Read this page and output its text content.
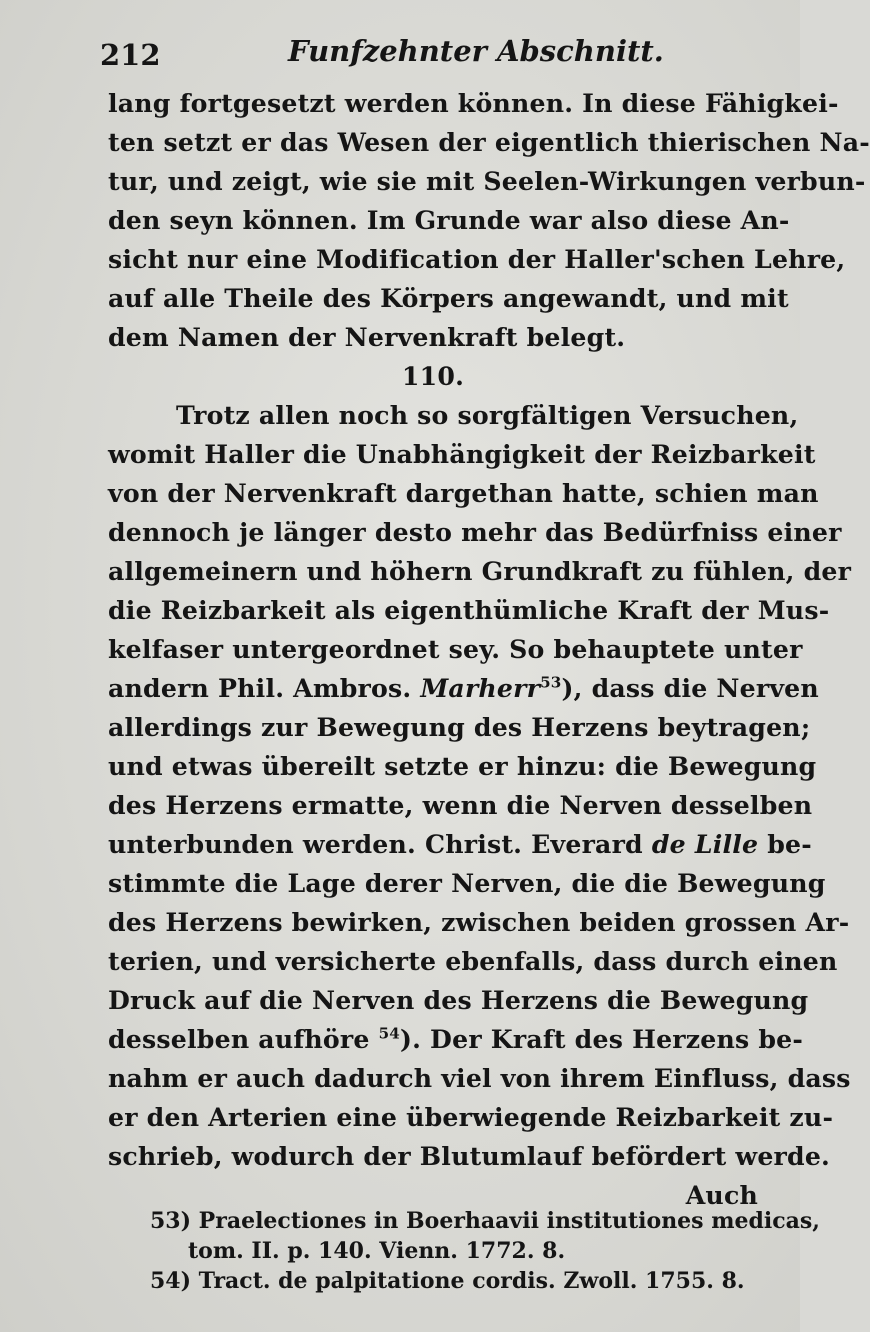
212	Funfzehnter Abschnitt.
lang fortgesetzt werden können. In diese Fähigkei-
ten setzt er das Wesen der eigentlich thierischen Na-
tur, und zeigt, wie sie mit Seelen-Wirkungen verbun-
den seyn können. Im Grunde war also diese An-
sicht nur eine Modification der Haller'schen Lehre,
auf alle Theile des Körpers angewandt, und mit
dem Namen der Nervenkraft belegt.
110.
Trotz allen noch so sorgfältigen Versuchen,
womit Haller die Unabhängigkeit der Reizbarkeit
von der Nervenkraft dargethan hatte, schien man
dennoch je länger desto mehr das Bedürfniss einer
allgemeinern und höhern Grundkraft zu fühlen, der
die Reizbarkeit als eigenthümliche Kraft der Mus-
kelfaser untergeordnet sey. So behauptete unter
andern Phil. Ambros. Marherr$^{53}$), dass die Nerven
allerdings zur Bewegung des Herzens beytragen;
und etwas übereilt setzte er hinzu: die Bewegung
des Herzens ermatte, wenn die Nerven desselben
unterbunden werden. Christ. Everard de Lille be-
stimmte die Lage derer Nerven, die die Bewegung
des Herzens bewirken, zwischen beiden grossen Ar-
terien, und versicherte ebenfalls, dass durch einen
Druck auf die Nerven des Herzens die Bewegung
desselben aufhöre $^{54}$). Der Kraft des Herzens be-
nahm er auch dadurch viel von ihrem Einfluss, dass
er den Arterien eine überwiegende Reizbarkeit zu-
schrieb, wodurch der Blutumlauf befördert werde.
Auch
53) Praelectiones in Boerhaavii institutiones medicas,
tom. II. p. 140. Vienn. 1772. 8.
54) Tract. de palpitatione cordis. Zwoll. 1755. 8.
